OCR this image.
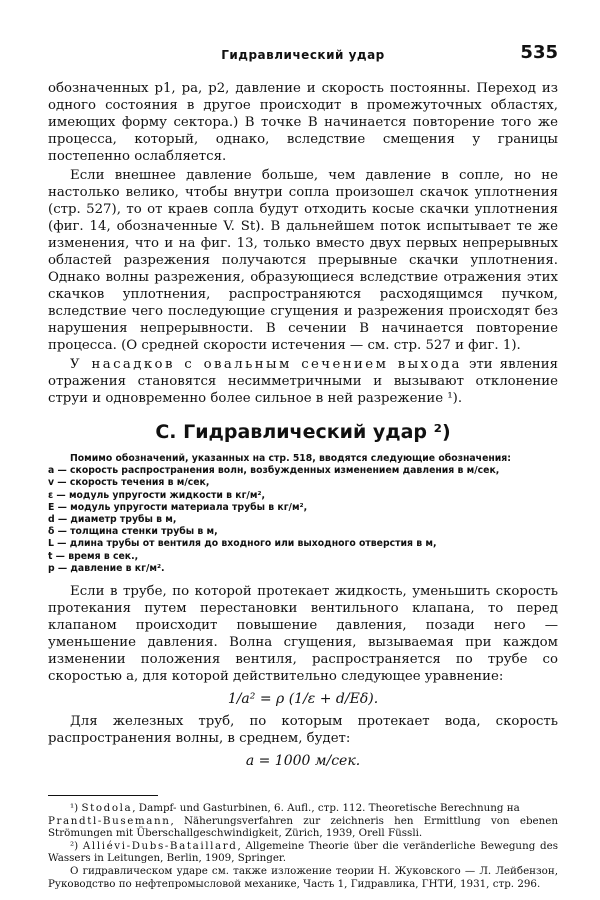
Гидравлический удар	535

обозначенных p1, pa, p2, давление и скорость постоянны. Переход из одного состояния в другое происходит в промежуточных областях, имеющих форму сектора.) В точке B начинается повторение того же процесса, который, однако, вследствие смещения у границы постепенно ослабляется.

Если внешнее давление больше, чем давление в сопле, но не настолько велико, чтобы внутри сопла произошел скачок уплотнения (стр. 527), то от краев сопла будут отходить косые скачки уплотнения (фиг. 14, обозначенные V. St). В дальнейшем поток испытывает те же изменения, что и на фиг. 13, только вместо двух первых непрерывных областей разрежения получаются прерывные скачки уплотнения. Однако волны разрежения, образующиеся вследствие отражения этих скачков уплотнения, распространяются расходящимся пучком, вследствие чего последующие сгущения и разрежения происходят без нарушения непрерывности. В сечении B начинается повторение процесса. (О средней скорости истечения — см. стр. 527 и фиг. 1).

У насадков с овальным сечением выхода эти явления отражения становятся несимметричными и вызывают отклонение струи и одновременно более сильное в ней разрежение ¹).

C. Гидравлический удар ²)
Помимо обозначений, указанных на стр. 518, вводятся следующие обозначения:
a — скорость распространения волн, возбужденных изменением давления в м/сек,
v — скорость течения в м/сек,
ε — модуль упругости жидкости в кг/м²,
E — модуль упругости материала трубы в кг/м²,
d — диаметр трубы в м,
δ — толщина стенки трубы в м,
L — длина трубы от вентиля до входного или выходного отверстия в м,
t — время в сек.,
p — давление в кг/м².

Если в трубе, по которой протекает жидкость, уменьшить скорость протекания путем перестановки вентильного клапана, то перед клапаном происходит повышение давления, позади него — уменьшение давления. Волна сгущения, вызываемая при каждом изменении положения вентиля, распространяется по трубе со скоростью a, для которой действительно следующее уравнение:

1/a² = ρ (1/ε + d/Eδ).

Для железных труб, по которым протекает вода, скорость распространения волны, в среднем, будет:

a = 1000 м/сек.
¹) Stodola, Dampf- und Gasturbinen, 6. Aufl., стр. 112. Theoretische Berechnung на
Prandtl-Busemann, Näherungsverfahren zur zeichneris hen Ermittlung von ebenen Strömungen mit Überschallgeschwindigkeit, Zürich, 1939, Orell Füssli.
²) Alliévi-Dubs-Bataillard, Allgemeine Theorie über die veränderliche Bewegung des Wassers in Leitungen, Berlin, 1909, Springer.
О гидравлическом ударе см. также изложение теории Н. Жуковского — Л. Лейбензон, Руководство по нефтепромысловой механике, Часть 1, Гидравлика, ГНТИ, 1931, стр. 296.
